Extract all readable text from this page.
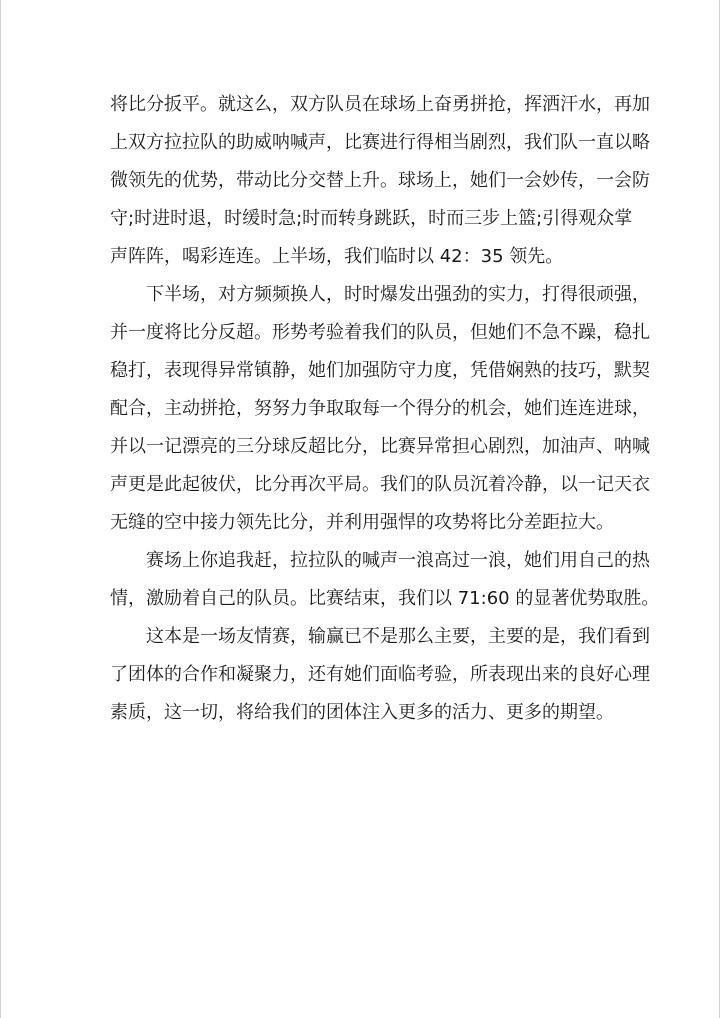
将比分扳平。就这么，双方队员在球场上奋勇拼抢，挥洒汗水，再加
上双方拉拉队的助威呐喊声，比赛进行得相当剧烈，我们队一直以略
微领先的优势，带动比分交替上升。球场上，她们一会妙传，一会防
守;时进时退，时缓时急;时而转身跳跃，时而三步上篮;引得观众掌
声阵阵，喝彩连连。上半场，我们临时以 42：35 领先。
下半场，对方频频换人，时时爆发出强劲的实力，打得很顽强，
并一度将比分反超。形势考验着我们的队员，但她们不急不躁，稳扎
稳打，表现得异常镇静，她们加强防守力度，凭借娴熟的技巧，默契
配合，主动拼抢，努努力争取取每一个得分的机会，她们连连进球，
并以一记漂亮的三分球反超比分，比赛异常担心剧烈，加油声、呐喊
声更是此起彼伏，比分再次平局。我们的队员沉着冷静，以一记天衣
无缝的空中接力领先比分，并利用强悍的攻势将比分差距拉大。
赛场上你追我赶，拉拉队的喊声一浪高过一浪，她们用自己的热
情，激励着自己的队员。比赛结束，我们以 71:60 的显著优势取胜。
这本是一场友情赛，输赢已不是那么主要，主要的是，我们看到
了团体的合作和凝聚力，还有她们面临考验，所表现出来的良好心理
素质，这一切，将给我们的团体注入更多的活力、更多的期望。
